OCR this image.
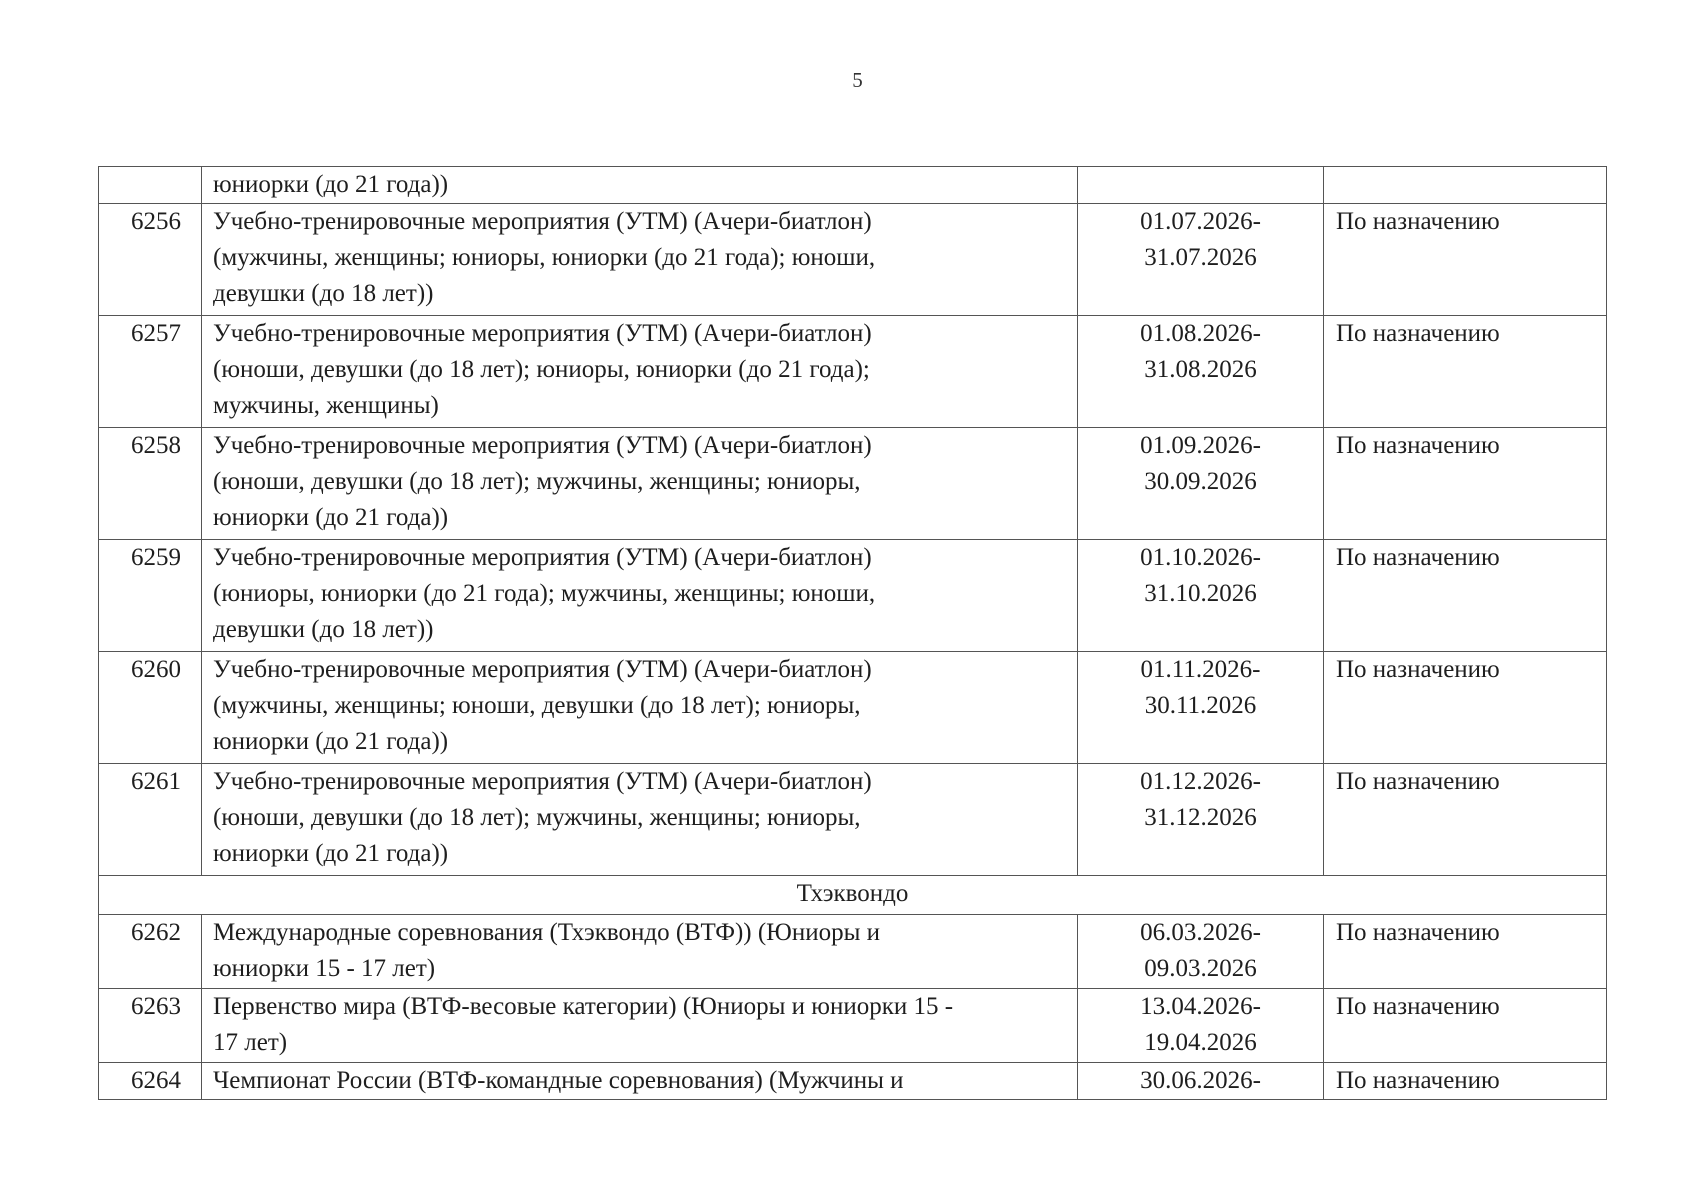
5

	юниорки (до 21 года))		

6256	Учебно-тренировочные мероприятия (УТМ) (Ачери-биатлон)
(мужчины, женщины; юниоры, юниорки (до 21 года); юноши,
девушки (до 18 лет))	01.07.2026-
31.07.2026	По назначению

6257	Учебно-тренировочные мероприятия (УТМ) (Ачери-биатлон)
(юноши, девушки (до 18 лет); юниоры, юниорки (до 21 года);
мужчины, женщины)	01.08.2026-
31.08.2026	По назначению

6258	Учебно-тренировочные мероприятия (УТМ) (Ачери-биатлон)
(юноши, девушки (до 18 лет); мужчины, женщины; юниоры,
юниорки (до 21 года))	01.09.2026-
30.09.2026	По назначению

6259	Учебно-тренировочные мероприятия (УТМ) (Ачери-биатлон)
(юниоры, юниорки (до 21 года); мужчины, женщины; юноши,
девушки (до 18 лет))	01.10.2026-
31.10.2026	По назначению

6260	Учебно-тренировочные мероприятия (УТМ) (Ачери-биатлон)
(мужчины, женщины; юноши, девушки (до 18 лет); юниоры,
юниорки (до 21 года))	01.11.2026-
30.11.2026	По назначению

6261	Учебно-тренировочные мероприятия (УТМ) (Ачери-биатлон)
(юноши, девушки (до 18 лет); мужчины, женщины; юниоры,
юниорки (до 21 года))	01.12.2026-
31.12.2026	По назначению

Тхэквондо			

6262	Международные соревнования (Тхэквондо (ВТФ)) (Юниоры и
юниорки 15 - 17 лет)	06.03.2026-
09.03.2026	По назначению

6263	Первенство мира (ВТФ-весовые категории) (Юниоры и юниорки 15 -
17 лет)	13.04.2026-
19.04.2026	По назначению

6264	Чемпионат России (ВТФ-командные соревнования) (Мужчины и	30.06.2026-	По назначению
